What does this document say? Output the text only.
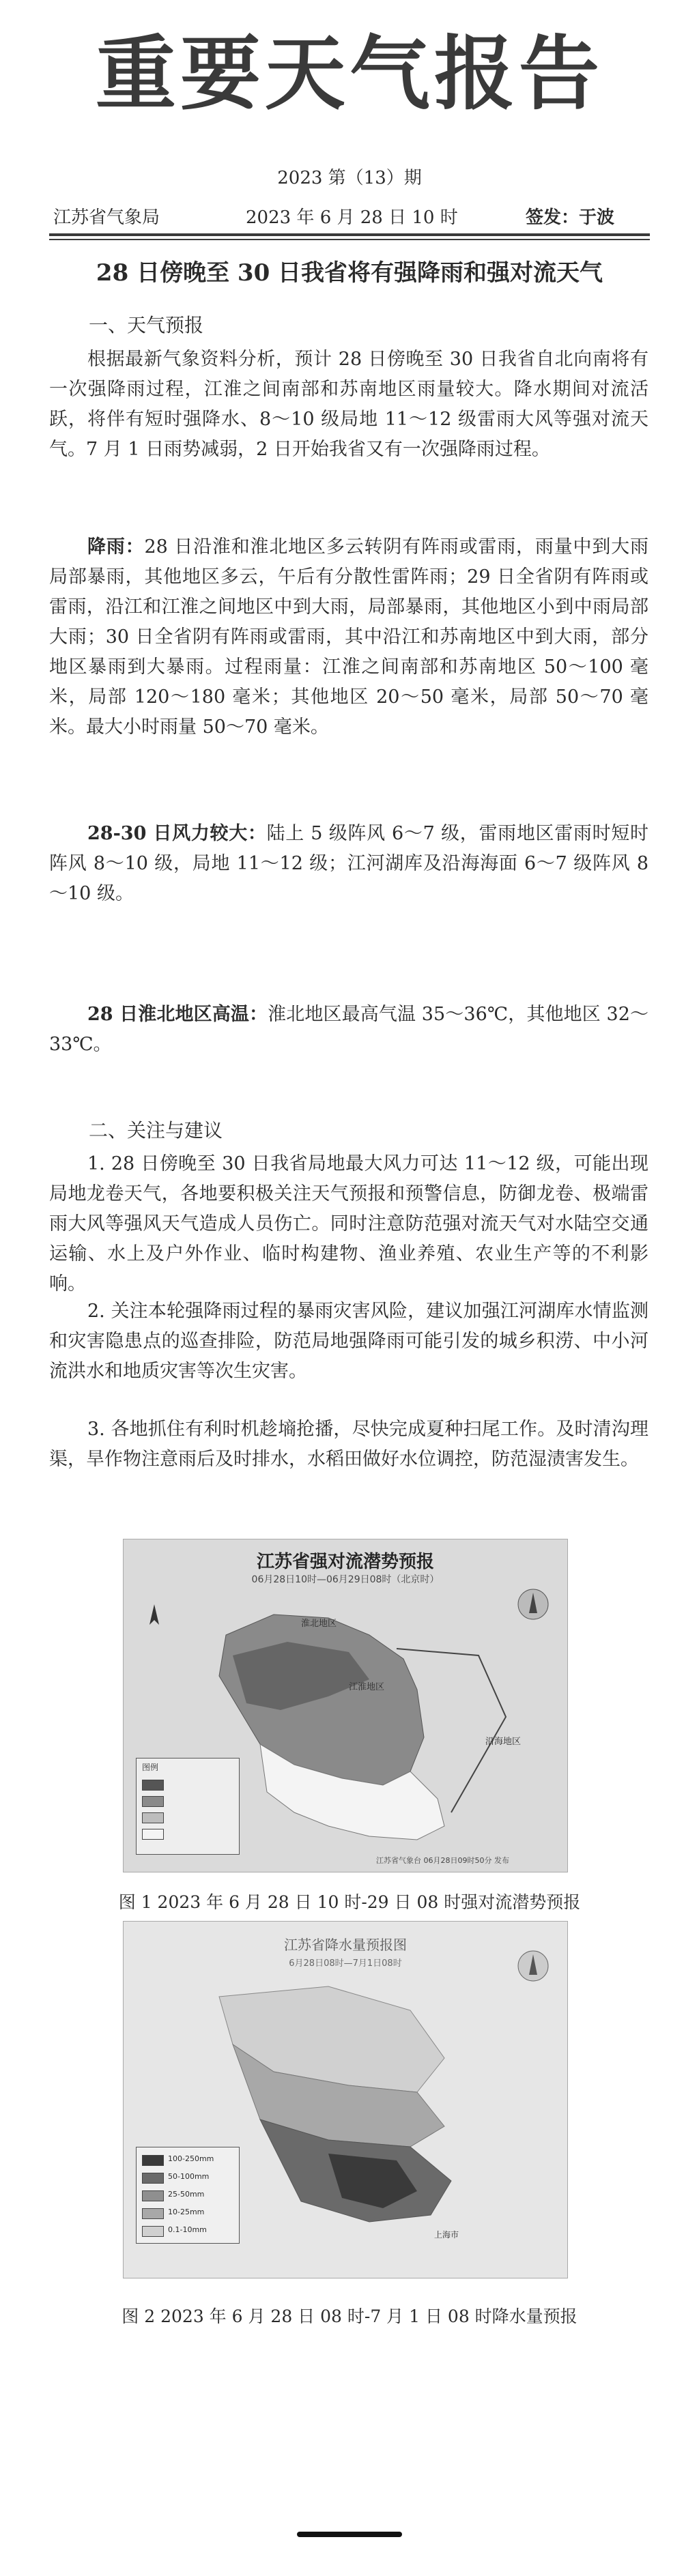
重要天气报告
2023 第（13）期
江苏省气象局	2023 年 6 月 28 日 10 时	签发：于波
28 日傍晚至 30 日我省将有强降雨和强对流天气
一、天气预报

根据最新气象资料分析，预计 28 日傍晚至 30 日我省自北向南将有一次强降雨过程，江淮之间南部和苏南地区雨量较大。降水期间对流活跃，将伴有短时强降水、8～10 级局地 11～12 级雷雨大风等强对流天气。7 月 1 日雨势减弱，2 日开始我省又有一次强降雨过程。

降雨：28 日沿淮和淮北地区多云转阴有阵雨或雷雨，雨量中到大雨局部暴雨，其他地区多云，午后有分散性雷阵雨；29 日全省阴有阵雨或雷雨，沿江和江淮之间地区中到大雨，局部暴雨，其他地区小到中雨局部大雨；30 日全省阴有阵雨或雷雨，其中沿江和苏南地区中到大雨，部分地区暴雨到大暴雨。过程雨量：江淮之间南部和苏南地区 50～100 毫米，局部 120～180 毫米；其他地区 20～50 毫米，局部 50～70 毫米。最大小时雨量 50～70 毫米。

28-30 日风力较大：陆上 5 级阵风 6～7 级，雷雨地区雷雨时短时阵风 8～10 级，局地 11～12 级；江河湖库及沿海海面 6～7 级阵风 8～10 级。

28 日淮北地区高温：淮北地区最高气温 35～36℃，其他地区 32～33℃。

二、关注与建议

1. 28 日傍晚至 30 日我省局地最大风力可达 11～12 级，可能出现局地龙卷天气，各地要积极关注天气预报和预警信息，防御龙卷、极端雷雨大风等强风天气造成人员伤亡。同时注意防范强对流天气对水陆空交通运输、水上及户外作业、临时构建物、渔业养殖、农业生产等的不利影响。

2. 关注本轮强降雨过程的暴雨灾害风险，建议加强江河湖库水情监测和灾害隐患点的巡查排险，防范局地强降雨可能引发的城乡积涝、中小河流洪水和地质灾害等次生灾害。

3. 各地抓住有利时机趁墒抢播，尽快完成夏种扫尾工作。及时清沟理渠，旱作物注意雨后及时排水，水稻田做好水位调控，防范湿渍害发生。

江苏省强对流潜势预报
06月28日10时—06月29日08时（北京时）
淮北地区
江淮地区
沿海地区
图例
江苏省气象台 06月28日09时50分 发布
图 1 2023 年 6 月 28 日 10 时-29 日 08 时强对流潜势预报
江苏省降水量预报图
6月28日08时—7月1日08时
上海市
100-250mm
50-100mm
25-50mm
10-25mm
0.1-10mm
图 2 2023 年 6 月 28 日 08 时-7 月 1 日 08 时降水量预报
